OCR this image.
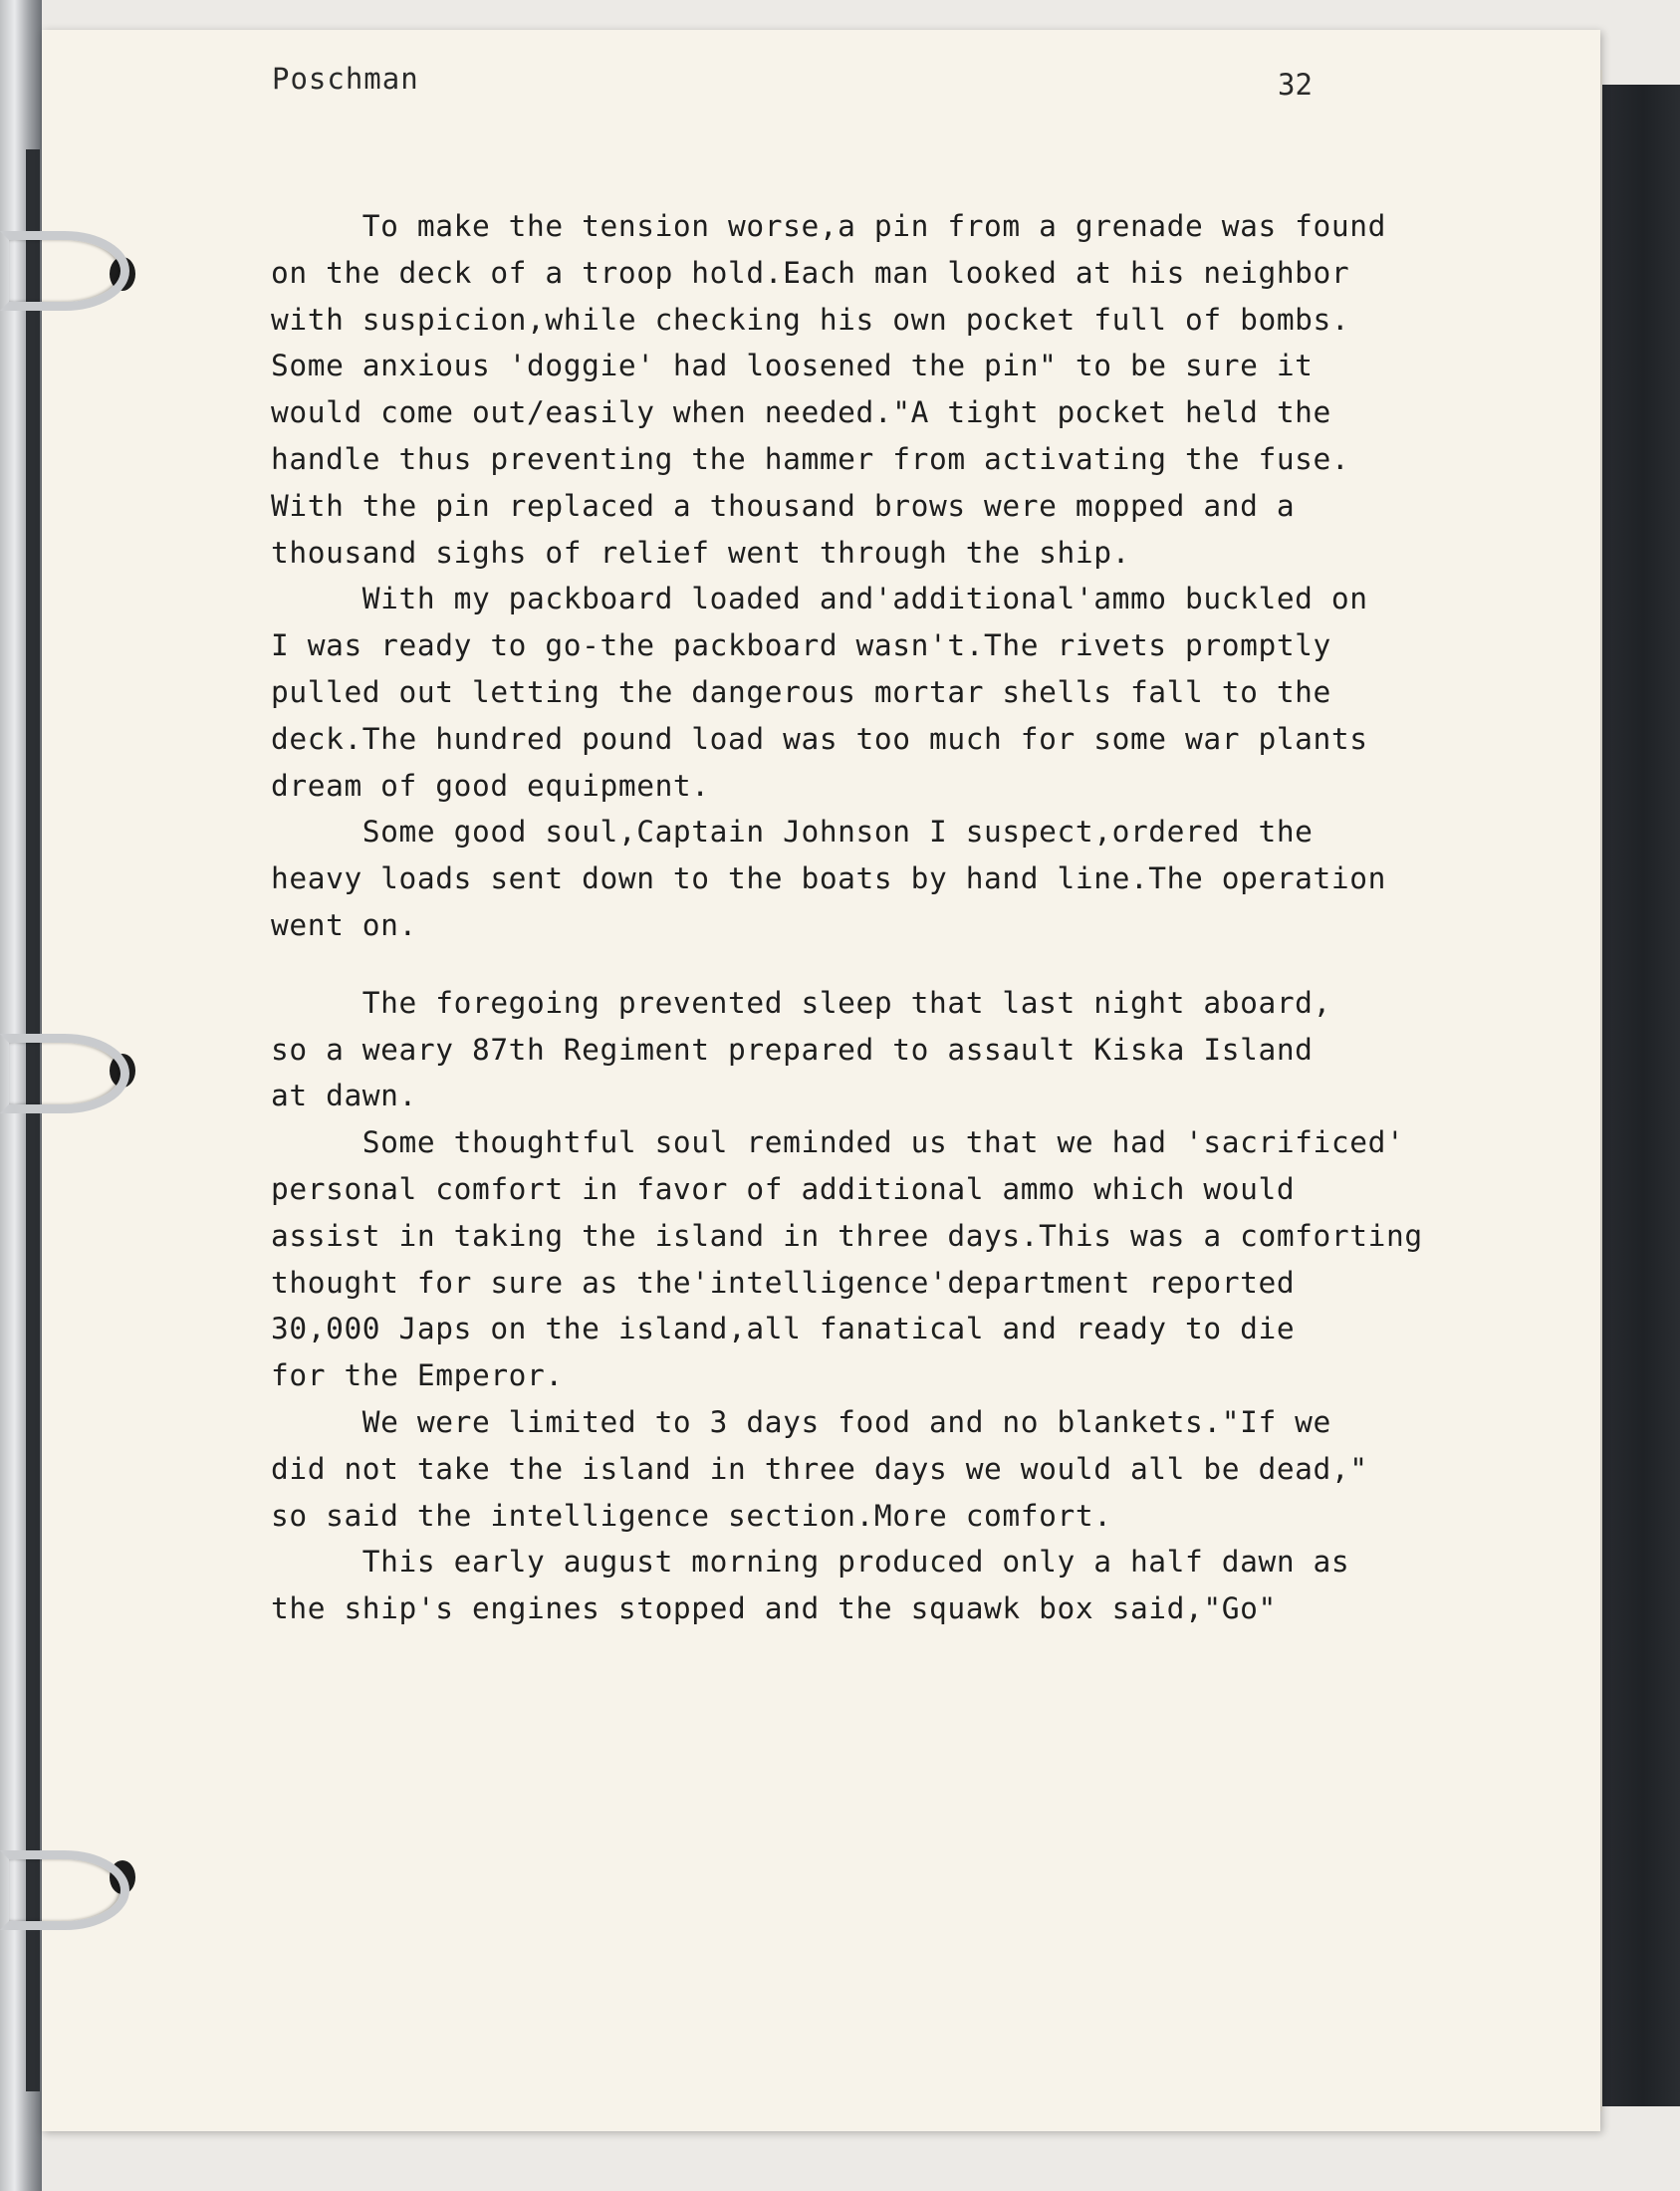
Poschman	32
To make the tension worse,a pin from a grenade was found
on the deck of a troop hold.Each man looked at his neighbor
with suspicion,while checking his own pocket full of bombs.
Some anxious 'doggie' had loosened the pin" to be sure it
would come out/easily when needed."A tight pocket held the
handle thus preventing the hammer from activating the fuse.
With the pin replaced a thousand brows were mopped and a
thousand sighs of relief went through the ship.
With my packboard loaded and'additional'ammo buckled on
I was ready to go-the packboard wasn't.The rivets promptly
pulled out letting the dangerous mortar shells fall to the
deck.The hundred pound load was too much for some war plants
dream of good equipment.
Some good soul,Captain Johnson I suspect,ordered the
heavy loads sent down to the boats by hand line.The operation
went on.
The foregoing prevented sleep that last night aboard,
so a weary 87th Regiment prepared to assault Kiska Island
at dawn.
Some thoughtful soul reminded us that we had 'sacrificed'
personal comfort in favor of additional ammo which would
assist in taking the island in three days.This was a comforting
thought for sure as the'intelligence'department reported
30,000 Japs on the island,all fanatical and ready to die
for the Emperor.
We were limited to 3 days food and no blankets."If we
did not take the island in three days we would all be dead,"
so said the intelligence section.More comfort.
This early august morning produced only a half dawn as
the ship's engines stopped and the squawk box said,"Go"
